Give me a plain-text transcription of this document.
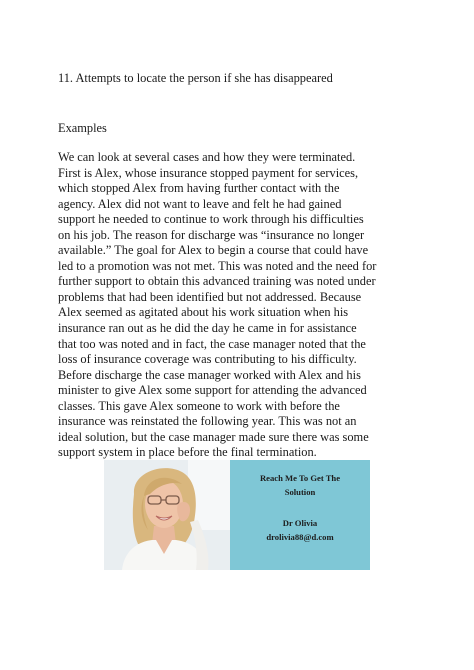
11. Attempts to locate the person if she has disappeared
Examples
We can look at several cases and how they were terminated.
First is Alex, whose insurance stopped payment for services,
which stopped Alex from having further contact with the
agency. Alex did not want to leave and felt he had gained
support he needed to continue to work through his difficulties
on his job. The reason for discharge was “insurance no longer
available.” The goal for Alex to begin a course that could have
led to a promotion was not met. This was noted and the need for
further support to obtain this advanced training was noted under
problems that had been identified but not addressed. Because
Alex seemed as agitated about his work situation when his
insurance ran out as he did the day he came in for assistance
that too was noted and in fact, the case manager noted that the
loss of insurance coverage was contributing to his difficulty.
Before discharge the case manager worked with Alex and his
minister to give Alex some support for attending the advanced
classes. This gave Alex someone to work with before the
insurance was reinstated the following year. This was not an
ideal solution, but the case manager made sure there was some
support system in place before the final termination.
Reach Me To Get The
Solution
Dr Olivia
drolivia88@d.com
